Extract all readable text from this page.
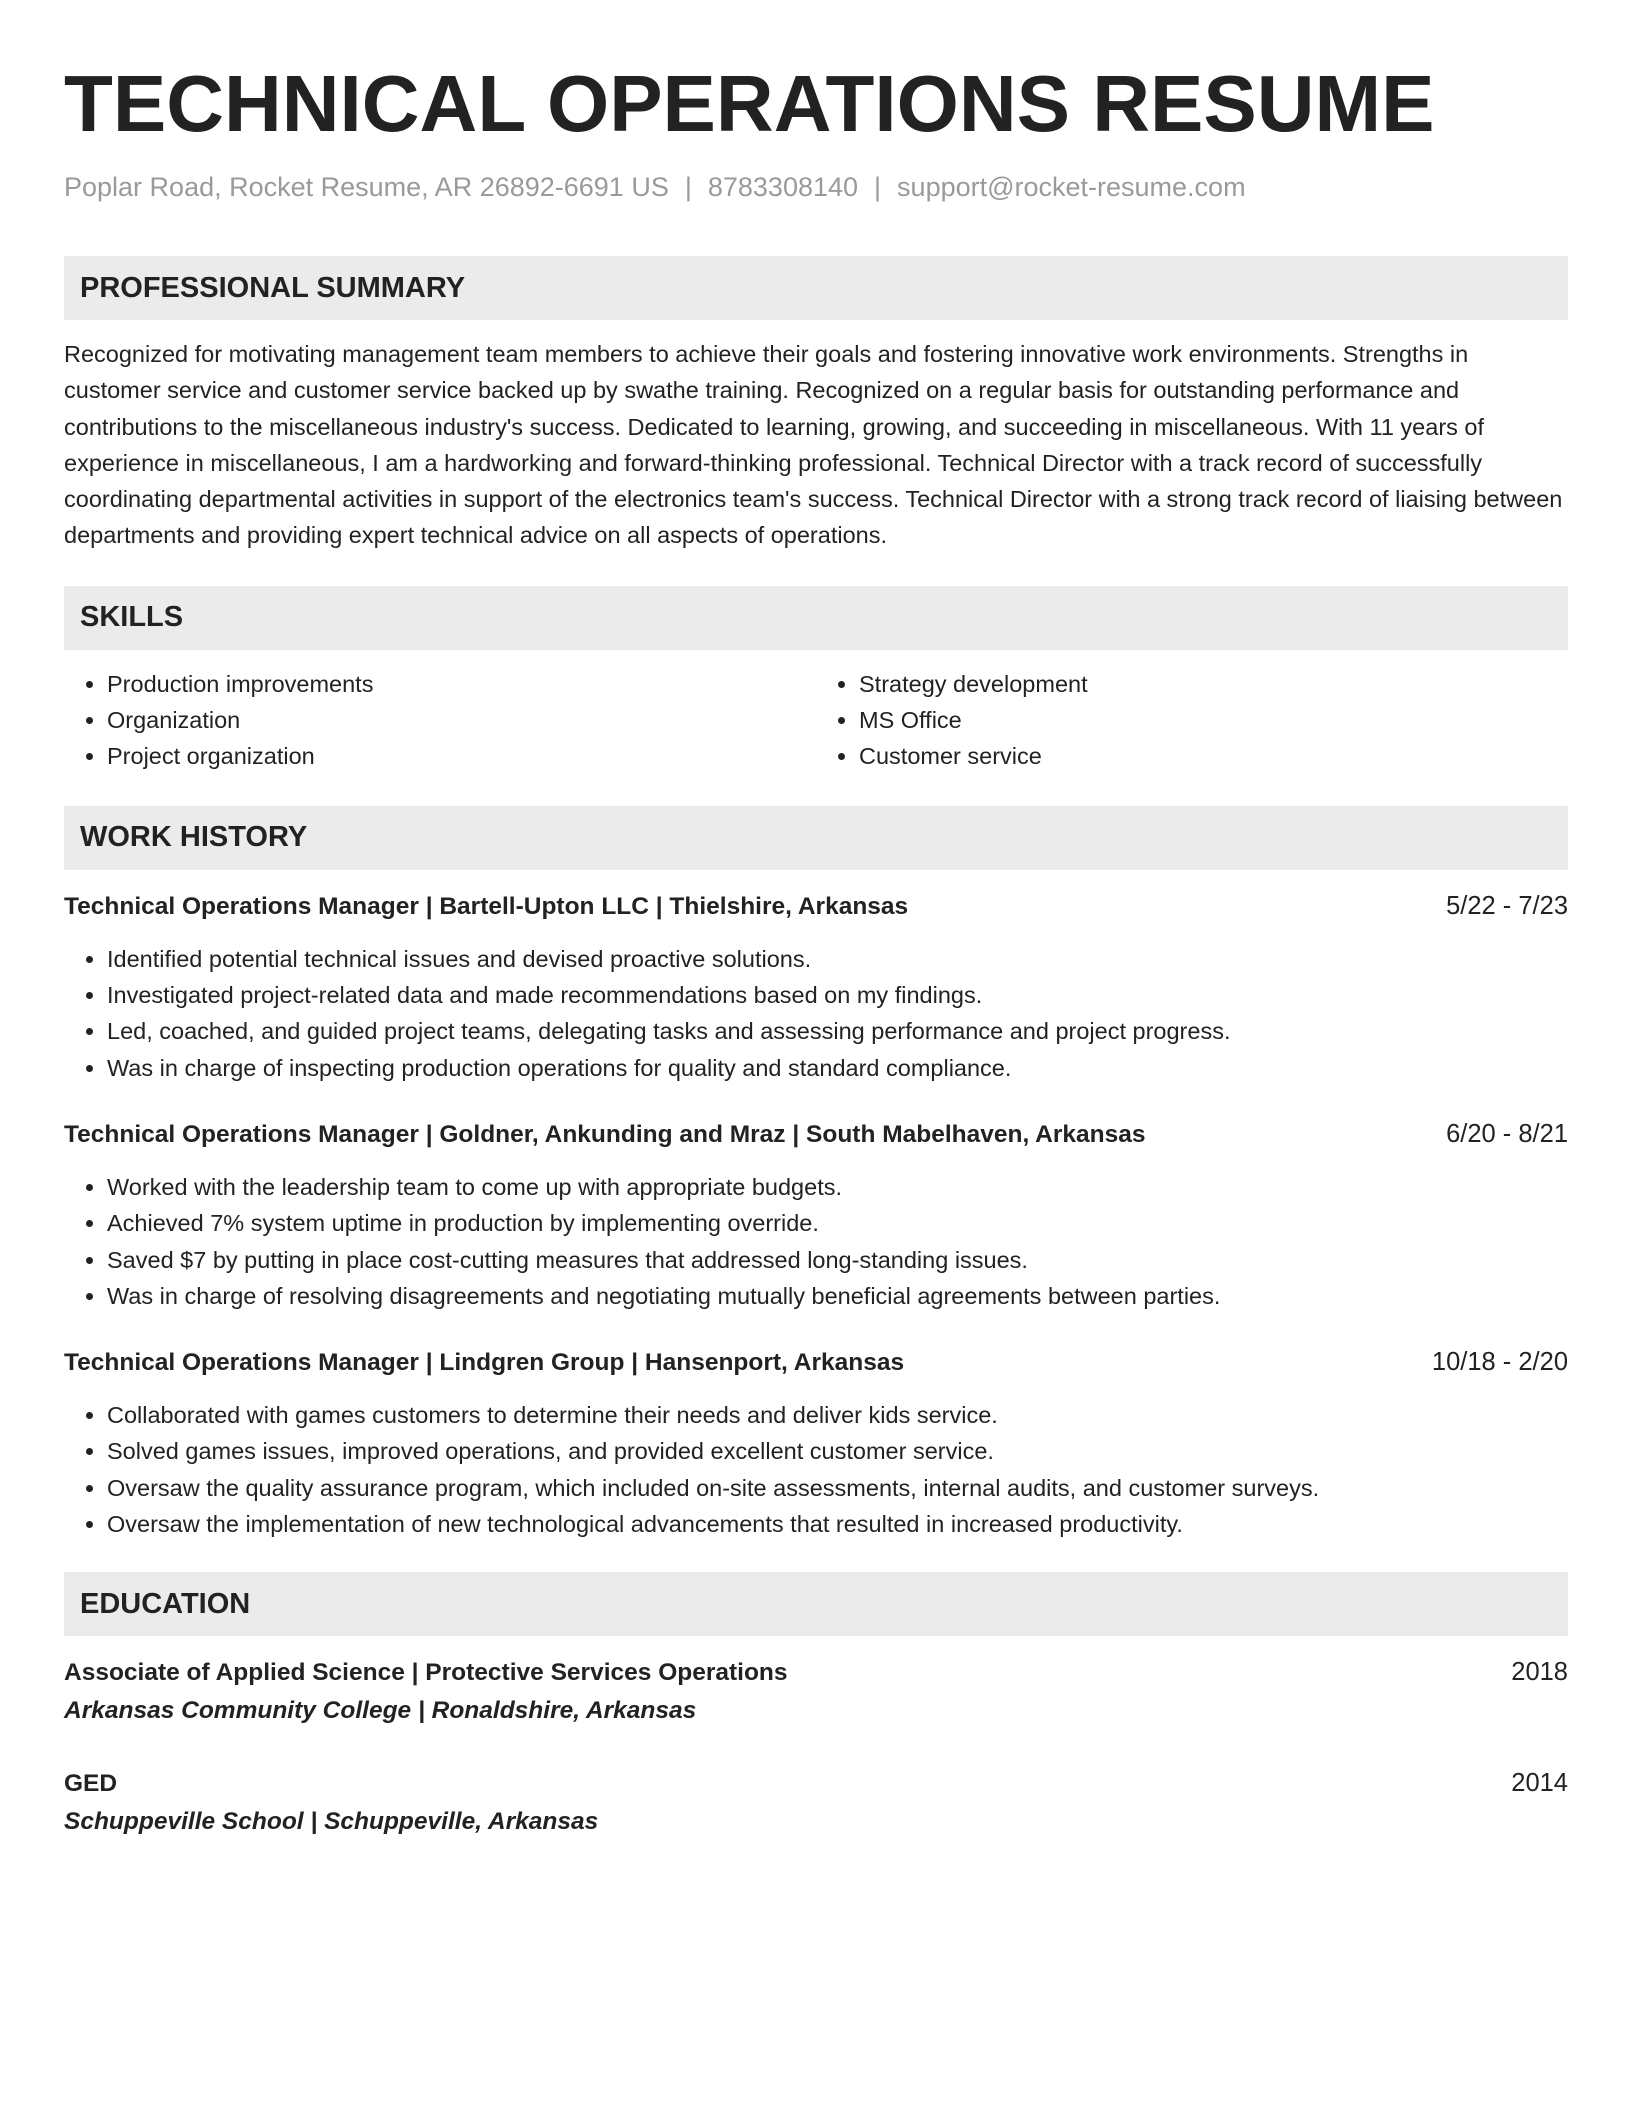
TECHNICAL OPERATIONS RESUME
Poplar Road, Rocket Resume, AR 26892-6691 US | 8783308140 | support@rocket-resume.com
PROFESSIONAL SUMMARY

Recognized for motivating management team members to achieve their goals and fostering innovative work environments. Strengths in customer service and customer service backed up by swathe training. Recognized on a regular basis for outstanding performance and contributions to the miscellaneous industry's success. Dedicated to learning, growing, and succeeding in miscellaneous. With 11 years of experience in miscellaneous, I am a hardworking and forward-thinking professional. Technical Director with a track record of successfully coordinating departmental activities in support of the electronics team's success. Technical Director with a strong track record of liaising between departments and providing expert technical advice on all aspects of operations.

SKILLS
• Production improvements
• Organization
• Project organization
• Strategy development
• MS Office
• Customer service
WORK HISTORY
Technical Operations Manager | Bartell-Upton LLC | Thielshire, Arkansas	5/22 - 7/23
• Identified potential technical issues and devised proactive solutions.
• Investigated project-related data and made recommendations based on my findings.
• Led, coached, and guided project teams, delegating tasks and assessing performance and project progress.
• Was in charge of inspecting production operations for quality and standard compliance.
Technical Operations Manager | Goldner, Ankunding and Mraz | South Mabelhaven, Arkansas	6/20 - 8/21
• Worked with the leadership team to come up with appropriate budgets.
• Achieved 7% system uptime in production by implementing override.
• Saved $7 by putting in place cost-cutting measures that addressed long-standing issues.
• Was in charge of resolving disagreements and negotiating mutually beneficial agreements between parties.
Technical Operations Manager | Lindgren Group | Hansenport, Arkansas	10/18 - 2/20
• Collaborated with games customers to determine their needs and deliver kids service.
• Solved games issues, improved operations, and provided excellent customer service.
• Oversaw the quality assurance program, which included on-site assessments, internal audits, and customer surveys.
• Oversaw the implementation of new technological advancements that resulted in increased productivity.
EDUCATION
Associate of Applied Science | Protective Services Operations	2018
Arkansas Community College | Ronaldshire, Arkansas
GED	2014
Schuppeville School | Schuppeville, Arkansas
